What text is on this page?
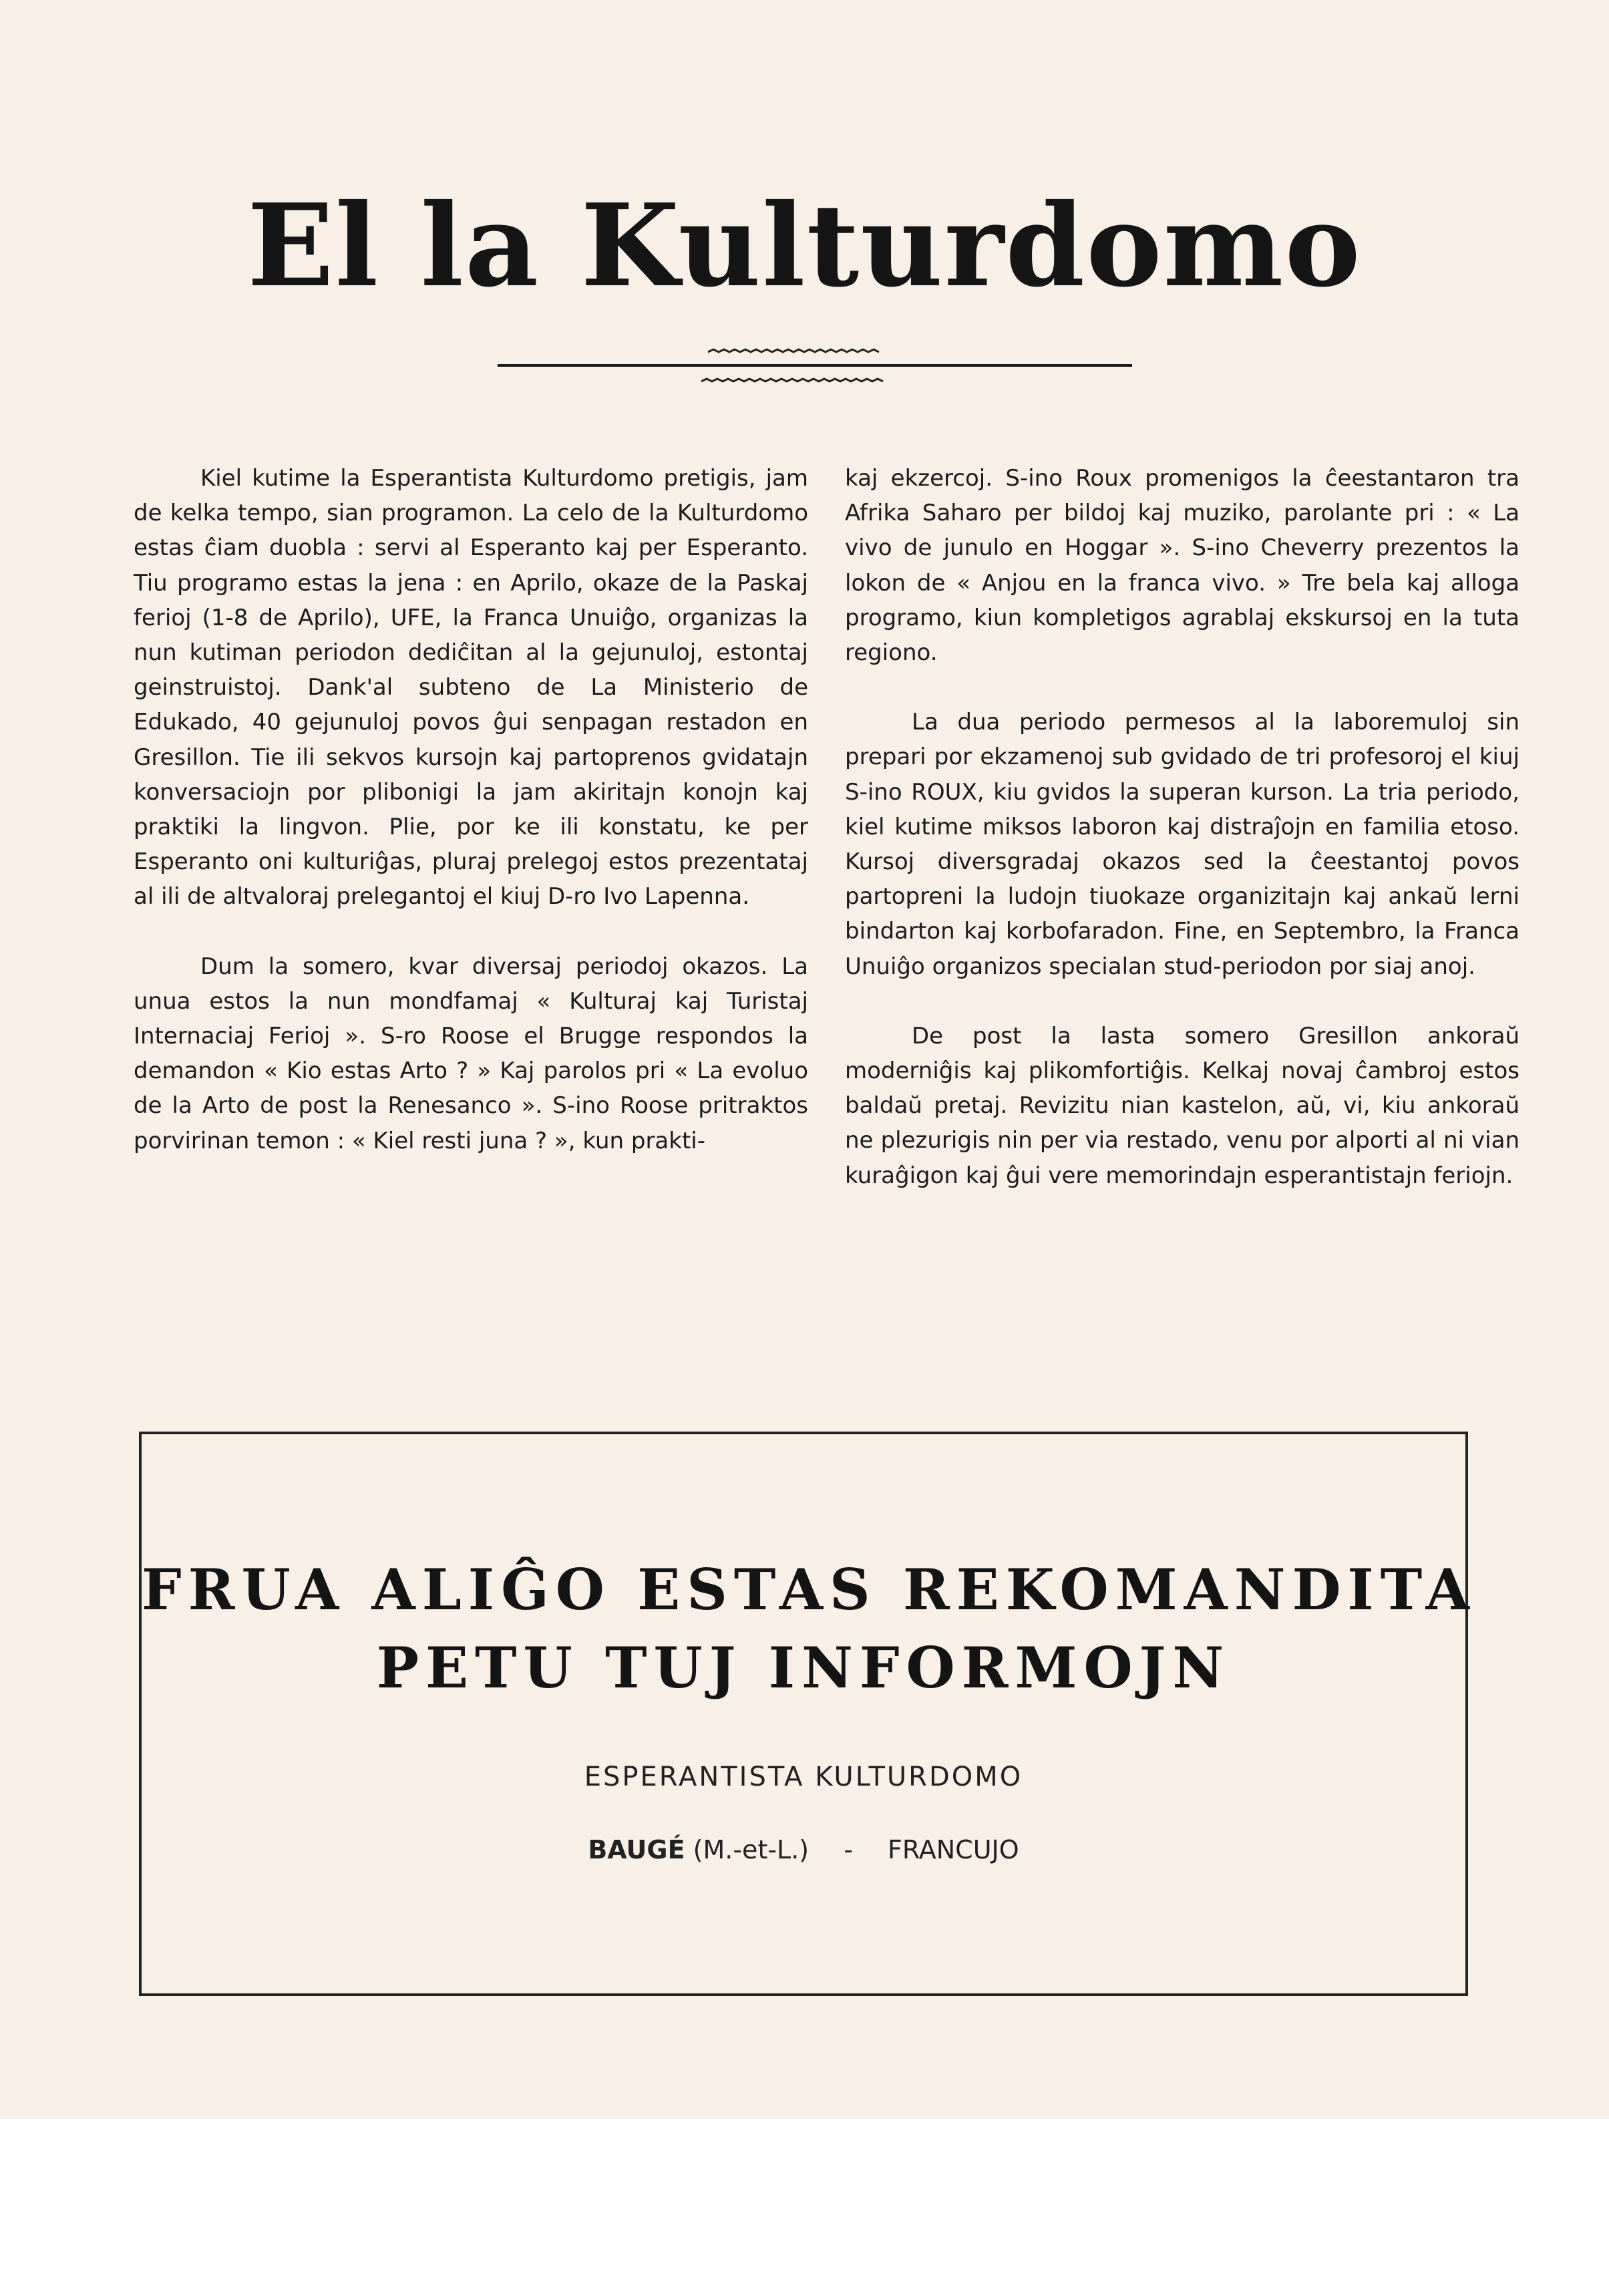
El la Kulturdomo

Kiel kutime la Esperantista Kulturdomo pretigis, jam de kelka tempo, sian programon. La celo de la Kulturdomo estas ĉiam duobla : servi al Esperanto kaj per Esperanto. Tiu programo estas la jena : en Aprilo, okaze de la Paskaj ferioj (1-8 de Aprilo), UFE, la Franca Unuiĝo, organizas la nun kutiman periodon dediĉitan al la gejunuloj, estontaj geinstruistoj. Dank'al subteno de La Ministerio de Edukado, 40 gejunuloj povos ĝui senpagan restadon en Gresillon. Tie ili sekvos kursojn kaj partoprenos gvidatajn konversaciojn por plibonigi la jam akiritajn konojn kaj praktiki la lingvon. Plie, por ke ili konstatu, ke per Esperanto oni kulturiĝas, pluraj prelegoj estos prezentataj al ili de altvaloraj prelegantoj el kiuj D-ro Ivo Lapenna.

Dum la somero, kvar diversaj periodoj okazos. La unua estos la nun mondfamaj « Kulturaj kaj Turistaj Internaciaj Ferioj ». S-ro Roose el Brugge respondos la demandon « Kio estas Arto ? » Kaj parolos pri « La evoluo de la Arto de post la Renesanco ». S-ino Roose pritraktos porvirinan temon : « Kiel resti juna ? », kun prakti-

kaj ekzercoj. S-ino Roux promenigos la ĉeestantaron tra Afrika Saharo per bildoj kaj muziko, parolante pri : « La vivo de junulo en Hoggar ». S-ino Cheverry prezentos la lokon de « Anjou en la franca vivo. » Tre bela kaj alloga programo, kiun kompletigos agrablaj ekskursoj en la tuta regiono.

La dua periodo permesos al la laboremuloj sin prepari por ekzamenoj sub gvidado de tri profesoroj el kiuj S-ino ROUX, kiu gvidos la superan kurson. La tria periodo, kiel kutime miksos laboron kaj distraĵojn en familia etoso. Kursoj diversgradaj okazos sed la ĉeestantoj povos partopreni la ludojn tiuokaze organizitajn kaj ankaŭ lerni bindarton kaj korbofaradon. Fine, en Septembro, la Franca Unuiĝo organizos specialan stud-periodon por siaj anoj.

De post la lasta somero Gresillon ankoraŭ moderniĝis kaj plikomfortiĝis. Kelkaj novaj ĉambroj estos baldaŭ pretaj. Revizitu nian kastelon, aŭ, vi, kiu ankoraŭ ne plezurigis nin per via restado, venu por alporti al ni vian kuraĝigon kaj ĝui vere memorindajn esperantistajn feriojn.

FRUA ALIĜO ESTAS REKOMANDITA
PETU TUJ INFORMOJN
ESPERANTISTA KULTURDOMO
BAUGÉ (M.-et-L.) - FRANCUJO
